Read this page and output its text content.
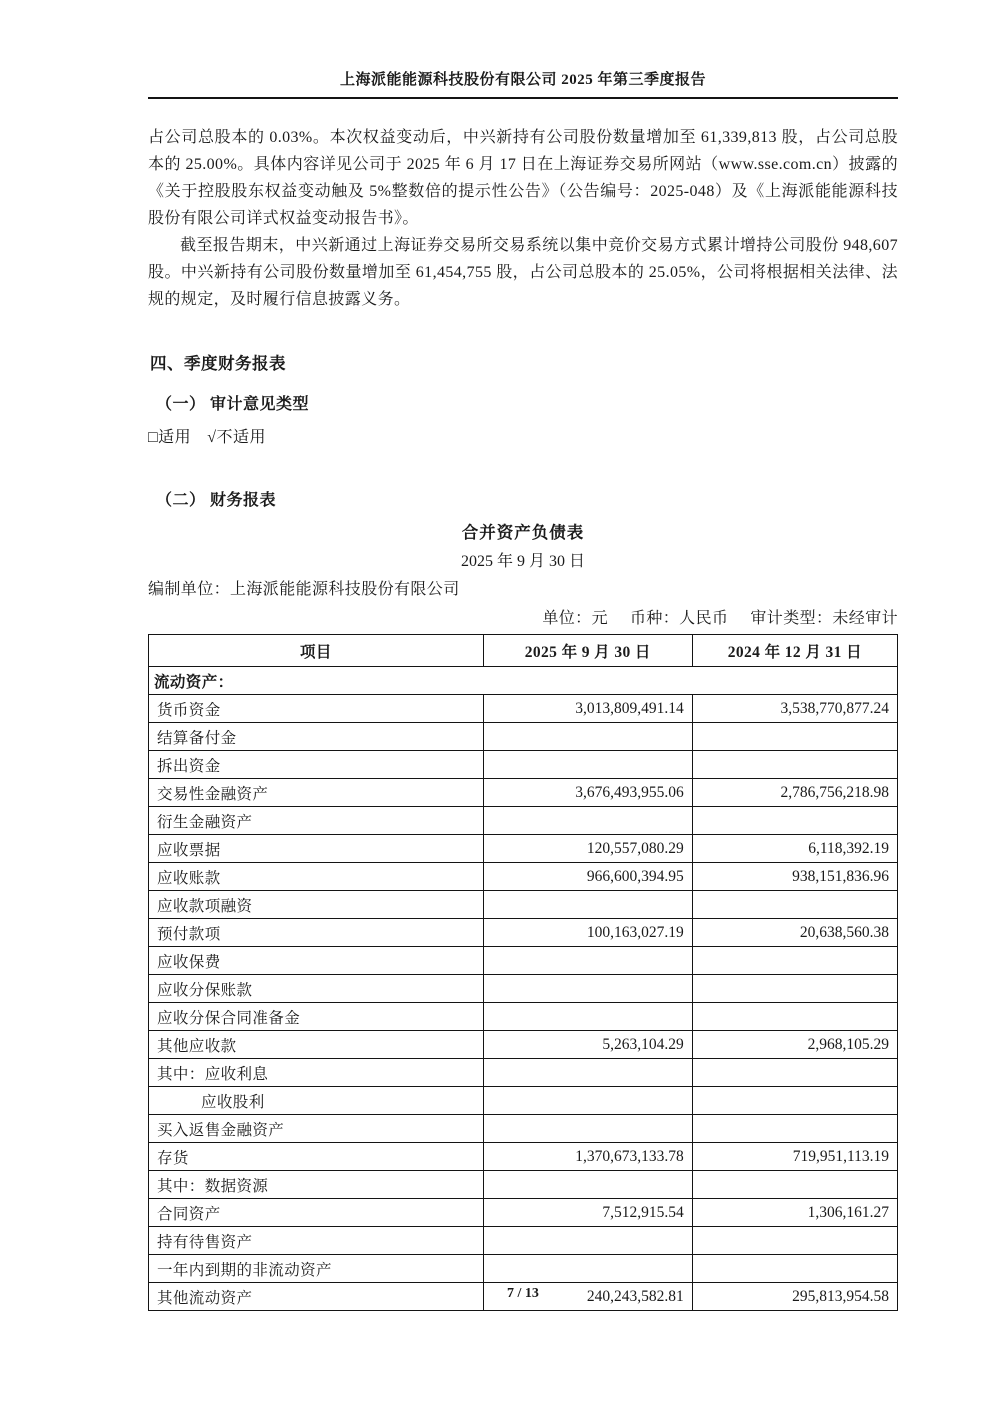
上海派能能源科技股份有限公司 2025 年第三季度报告

占公司总股本的 0.03%。本次权益变动后，中兴新持有公司股份数量增加至 61,339,813 股，占公司总股本的 25.00%。具体内容详见公司于 2025 年 6 月 17 日在上海证券交易所网站（www.sse.com.cn）披露的《关于控股股东权益变动触及 5%整数倍的提示性公告》（公告编号：2025-048）及《上海派能能源科技股份有限公司详式权益变动报告书》。

截至报告期末，中兴新通过上海证券交易所交易系统以集中竞价交易方式累计增持公司股份 948,607 股。中兴新持有公司股份数量增加至 61,454,755 股，占公司总股本的 25.05%，公司将根据相关法律、法规的规定，及时履行信息披露义务。

四、季度财务报表
（一） 审计意见类型
□适用 √不适用
（二） 财务报表
合并资产负债表
2025 年 9 月 30 日
编制单位：上海派能能源科技股份有限公司
单位：元 币种：人民币 审计类型：未经审计
项目	2025 年 9 月 30 日	2024 年 12 月 31 日
流动资产：		
货币资金	3,013,809,491.14	3,538,770,877.24
结算备付金		
拆出资金		
交易性金融资产	3,676,493,955.06	2,786,756,218.98
衍生金融资产		
应收票据	120,557,080.29	6,118,392.19
应收账款	966,600,394.95	938,151,836.96
应收款项融资		
预付款项	100,163,027.19	20,638,560.38
应收保费		
应收分保账款		
应收分保合同准备金		
其他应收款	5,263,104.29	2,968,105.29
其中：应收利息		
应收股利		
买入返售金融资产		
存货	1,370,673,133.78	719,951,113.19
其中：数据资源		
合同资产	7,512,915.54	1,306,161.27
持有待售资产		
一年内到期的非流动资产		
其他流动资产	240,243,582.81	295,813,954.58
7 / 13
